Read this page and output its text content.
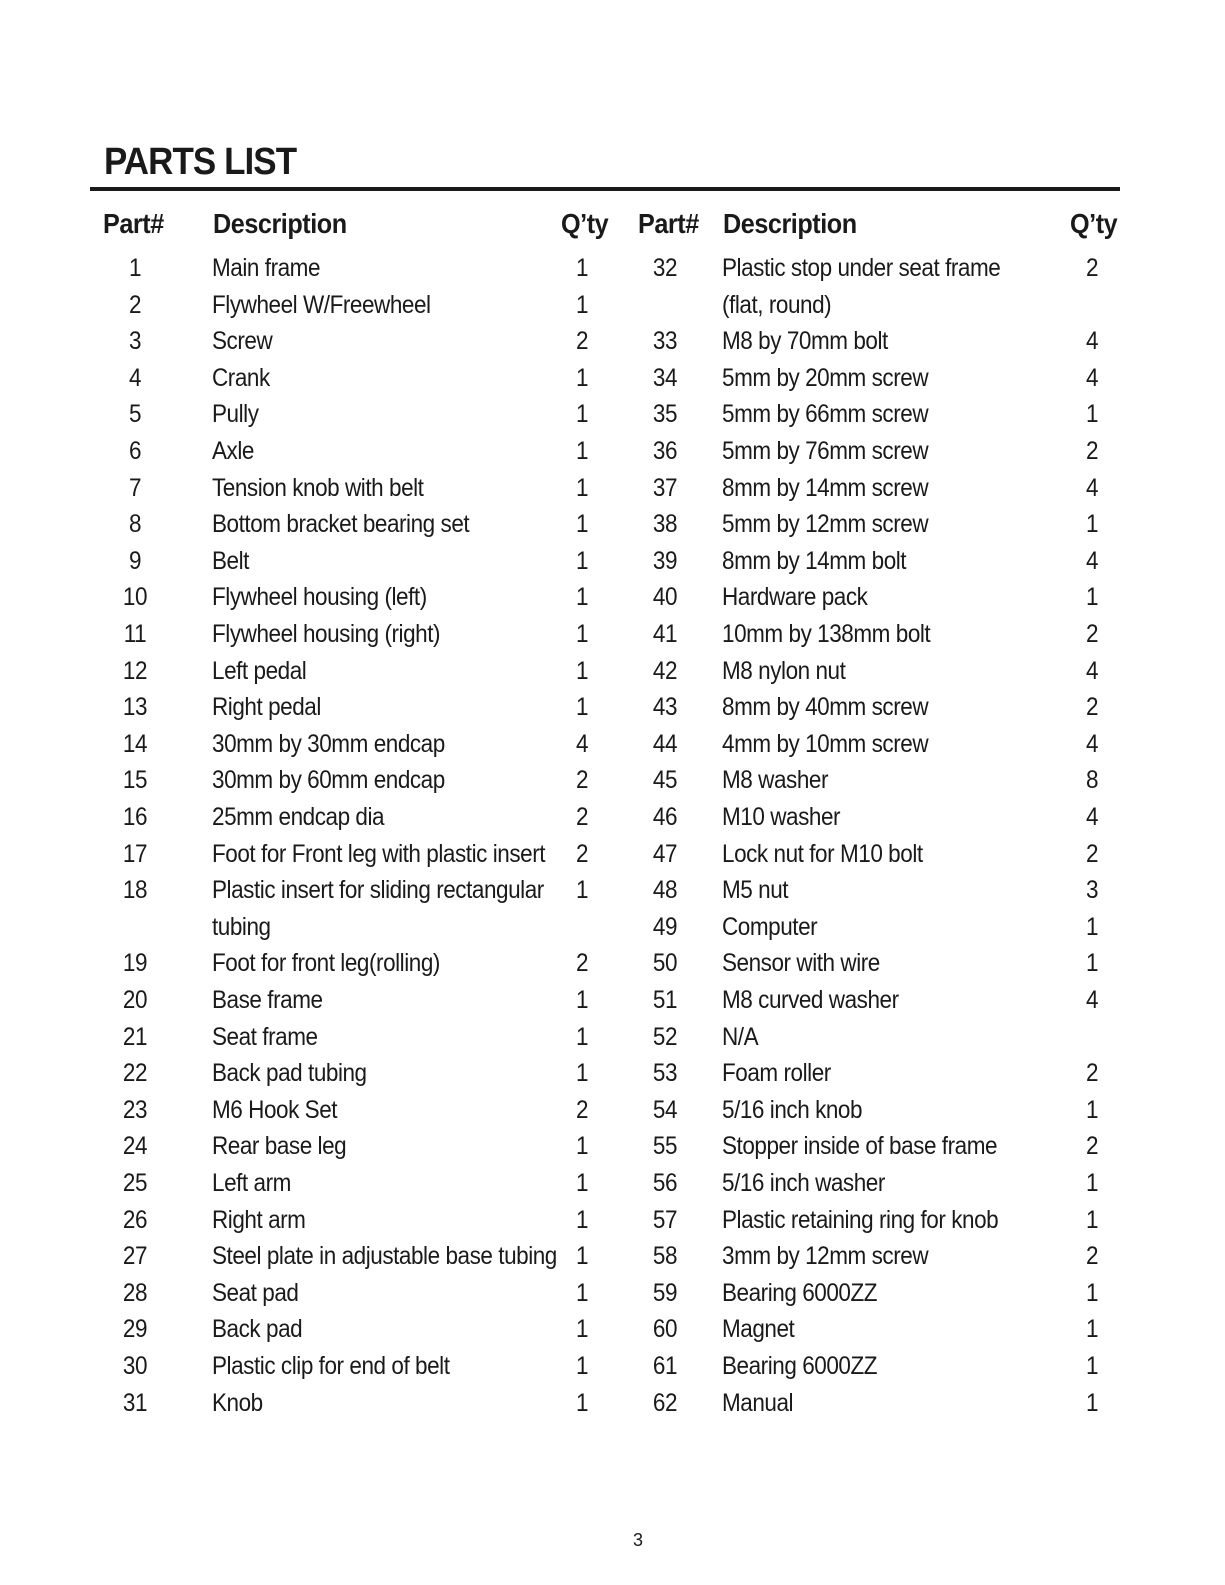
PARTS LIST
Part# Description	Q’ty Part# Description	Q’ty
1	Main frame	1	32 Plastic stop under seat frame	2
2	Flywheel W/Freewheel	1	(flat, round)
3	Screw	2	33 M8 by 70mm bolt	4
4	Crank	1	34 5mm by 20mm screw	4
5	Pully	1	35 5mm by 66mm screw	1
6	Axle	1	36 5mm by 76mm screw	2
7	Tension knob with belt	1	37 8mm by 14mm screw	4
8	Bottom bracket bearing set	1	38 5mm by 12mm screw	1
9	Belt	1	39 8mm by 14mm bolt	4
10	Flywheel housing (left)	1	40 Hardware pack	1
11	Flywheel housing (right)	1	41 10mm by 138mm bolt	2
12	Left pedal	1	42 M8 nylon nut	4
13	Right pedal	1	43 8mm by 40mm screw	2
14	30mm by 30mm endcap	4	44 4mm by 10mm screw	4
15	30mm by 60mm endcap	2	45 M8 washer	8
16	25mm endcap dia	2	46 M10 washer	4
17	Foot for Front leg with plastic insert	2	47 Lock nut for M10 bolt	2
18	Plastic insert for sliding rectangular	1	48 M5 nut	3
tubing	49 Computer	1
19	Foot for front leg(rolling)	2	50 Sensor with wire	1
20	Base frame	1	51 M8 curved washer	4
21	Seat frame	1	52 N/A
22	Back pad tubing	1	53 Foam roller	2
23	M6 Hook Set	2	54 5/16 inch knob	1
24	Rear base leg	1	55 Stopper inside of base frame	2
25	Left arm	1	56 5/16 inch washer	1
26	Right arm	1	57 Plastic retaining ring for knob	1
27	Steel plate in adjustable base tubing 1	58 3mm by 12mm screw	2
28	Seat pad	1	59 Bearing 6000ZZ	1
29	Back pad	1	60 Magnet	1
30	Plastic clip for end of belt	1	61 Bearing 6000ZZ	1
31	Knob	1	62 Manual	1
3
